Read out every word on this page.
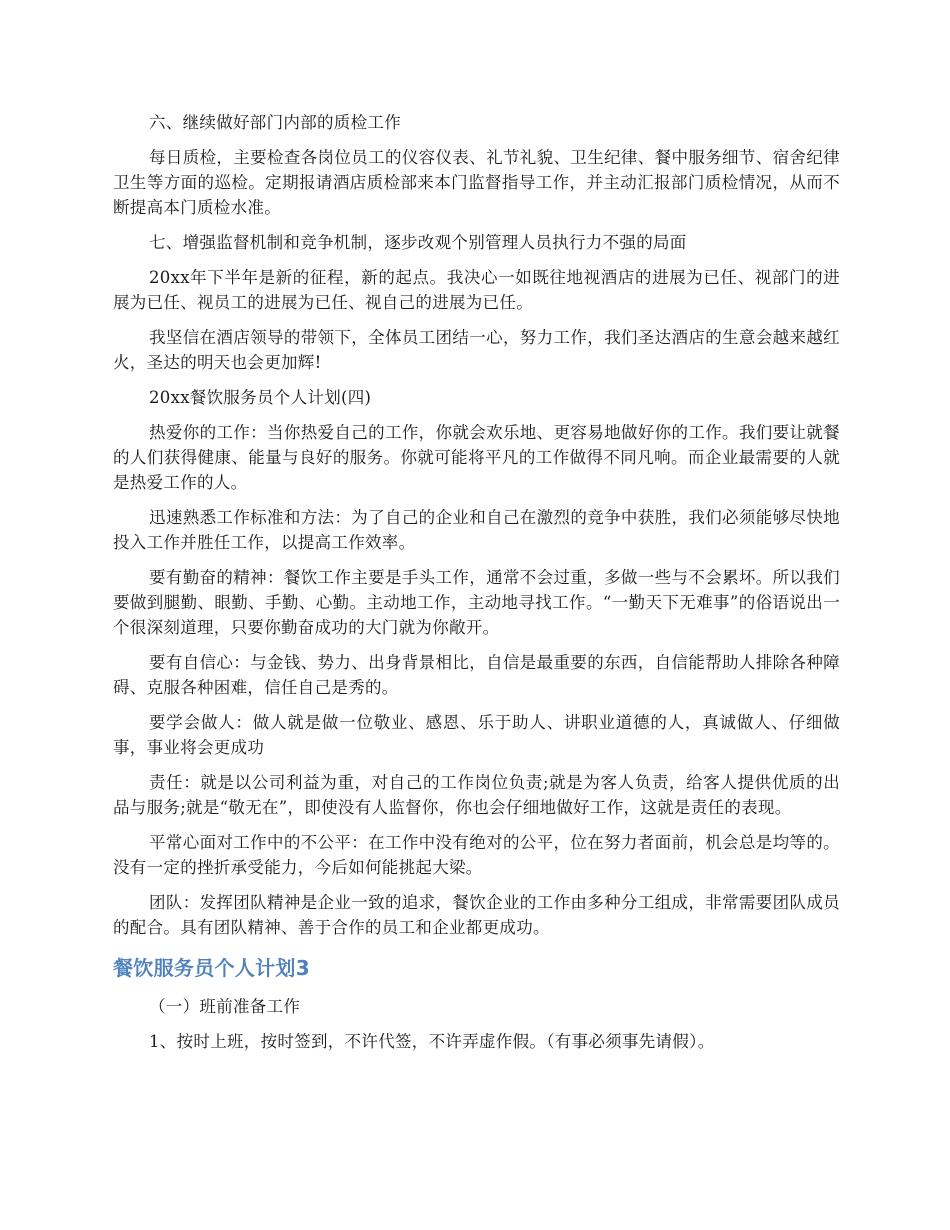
六、继续做好部门内部的质检工作

每日质检，主要检查各岗位员工的仪容仪表、礼节礼貌、卫生纪律、餐中服务细节、宿舍纪律卫生等方面的巡检。定期报请酒店质检部来本门监督指导工作，并主动汇报部门质检情况，从而不断提高本门质检水准。

七、增强监督机制和竞争机制，逐步改观个别管理人员执行力不强的局面

20xx年下半年是新的征程，新的起点。我决心一如既往地视酒店的进展为已任、视部门的进展为已任、视员工的进展为已任、视自己的进展为已任。

我坚信在酒店领导的带领下，全体员工团结一心，努力工作，我们圣达酒店的生意会越来越红火，圣达的明天也会更加辉!

20xx餐饮服务员个人计划(四)

热爱你的工作：当你热爱自己的工作，你就会欢乐地、更容易地做好你的工作。我们要让就餐的人们获得健康、能量与良好的服务。你就可能将平凡的工作做得不同凡响。而企业最需要的人就是热爱工作的人。

迅速熟悉工作标准和方法：为了自己的企业和自己在激烈的竞争中获胜，我们必须能够尽快地投入工作并胜任工作，以提高工作效率。

要有勤奋的精神：餐饮工作主要是手头工作，通常不会过重，多做一些与不会累坏。所以我们要做到腿勤、眼勤、手勤、心勤。主动地工作，主动地寻找工作。“一勤天下无难事”的俗语说出一个很深刻道理，只要你勤奋成功的大门就为你敞开。

要有自信心：与金钱、势力、出身背景相比，自信是最重要的东西，自信能帮助人排除各种障碍、克服各种困难，信任自己是秀的。

要学会做人：做人就是做一位敬业、感恩、乐于助人、讲职业道德的人，真诚做人、仔细做事，事业将会更成功

责任：就是以公司利益为重，对自己的工作岗位负责;就是为客人负责，给客人提供优质的出品与服务;就是“敬无在”，即使没有人监督你，你也会仔细地做好工作，这就是责任的表现。

平常心面对工作中的不公平：在工作中没有绝对的公平，位在努力者面前，机会总是均等的。没有一定的挫折承受能力，今后如何能挑起大梁。

团队：发挥团队精神是企业一致的追求，餐饮企业的工作由多种分工组成，非常需要团队成员的配合。具有团队精神、善于合作的员工和企业都更成功。

餐饮服务员个人计划3

（一）班前准备工作

1、按时上班，按时签到，不许代签，不许弄虚作假。（有事必须事先请假）。
